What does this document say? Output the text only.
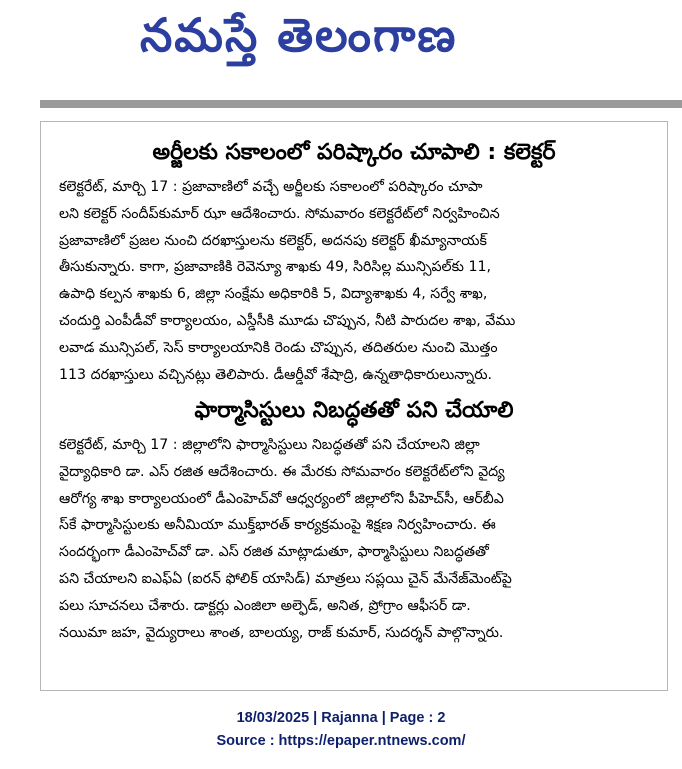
నమస్తే తెలంగాణ
అర్జీలకు సకాలంలో పరిష్కారం చూపాలి : కలెక్టర్
కలెక్టరేట్, మార్చి 17 : ప్రజావాణిలో వచ్చే అర్జీలకు సకాలంలో పరిష్కారం చూపా
లని కలెక్టర్ సందీప్‌కుమార్ ఝా ఆదేశించారు. సోమవారం కలెక్టరేట్‌లో నిర్వహించిన
ప్రజావాణిలో ప్రజల నుంచి దరఖాస్తులను కలెక్టర్, అదనపు కలెక్టర్ ఖీమ్యానాయక్
తీసుకున్నారు. కాగా, ప్రజావాణికి రెవెన్యూ శాఖకు 49, సిరిసిల్ల మున్సిపల్‌కు 11,
ఉపాధి కల్పన శాఖకు 6, జిల్లా సంక్షేమ అధికారికి 5, విద్యాశాఖకు 4, సర్వే శాఖ,
చందుర్తి ఎంపీడీవో కార్యాలయం, ఎస్డీసీకి మూడు చొప్పున, నీటి పారుదల శాఖ, వేము
లవాడ మున్సిపల్, సెస్ కార్యాలయానికి రెండు చొప్పున, తదితరుల నుంచి మొత్తం
113 దరఖాస్తులు వచ్చినట్లు తెలిపారు. డీఆర్డీవో శేషాద్రి, ఉన్నతాధికారులున్నారు.
ఫార్మాసిస్టులు నిబద్ధతతో పని చేయాలి
కలెక్టరేట్, మార్చి 17 : జిల్లాలోని ఫార్మాసిస్టులు నిబద్ధతతో పని చేయాలని జిల్లా
వైద్యాధికారి డా. ఎస్ రజిత ఆదేశించారు. ఈ మేరకు సోమవారం కలెక్టరేట్‌లోని వైద్య
ఆరోగ్య శాఖ కార్యాలయంలో డీఎంహెచ్‌వో ఆధ్వర్యంలో జిల్లాలోని పీహెచ్‌సీ, ఆర్‌బీఎ
స్‌కే ఫార్మాసిస్టులకు అనీమియా ముక్త్‌భారత్ కార్యక్రమంపై శిక్షణ నిర్వహించారు. ఈ
సందర్భంగా డీఎంహెచ్‌వో డా. ఎస్ రజిత మాట్లాడుతూ, ఫార్మాసిస్టులు నిబద్ధతతో
పని చేయాలని ఐఎఫ్ఏ (ఐరన్ ఫోలిక్ యాసిడ్) మాత్రలు సప్లయి చైన్ మేనేజ్‌మెంట్‌పై
పలు సూచనలు చేశారు. డాక్టర్లు ఎంజిలా అల్ఫెడ్, అనిత, ప్రోగ్రాం ఆఫీసర్ డా.
నయిమా జహ, వైద్యురాలు శాంత, బాలయ్య, రాజ్ కుమార్, సుదర్శన్ పాల్గొన్నారు.
18/03/2025 | Rajanna | Page : 2
Source : https://epaper.ntnews.com/
